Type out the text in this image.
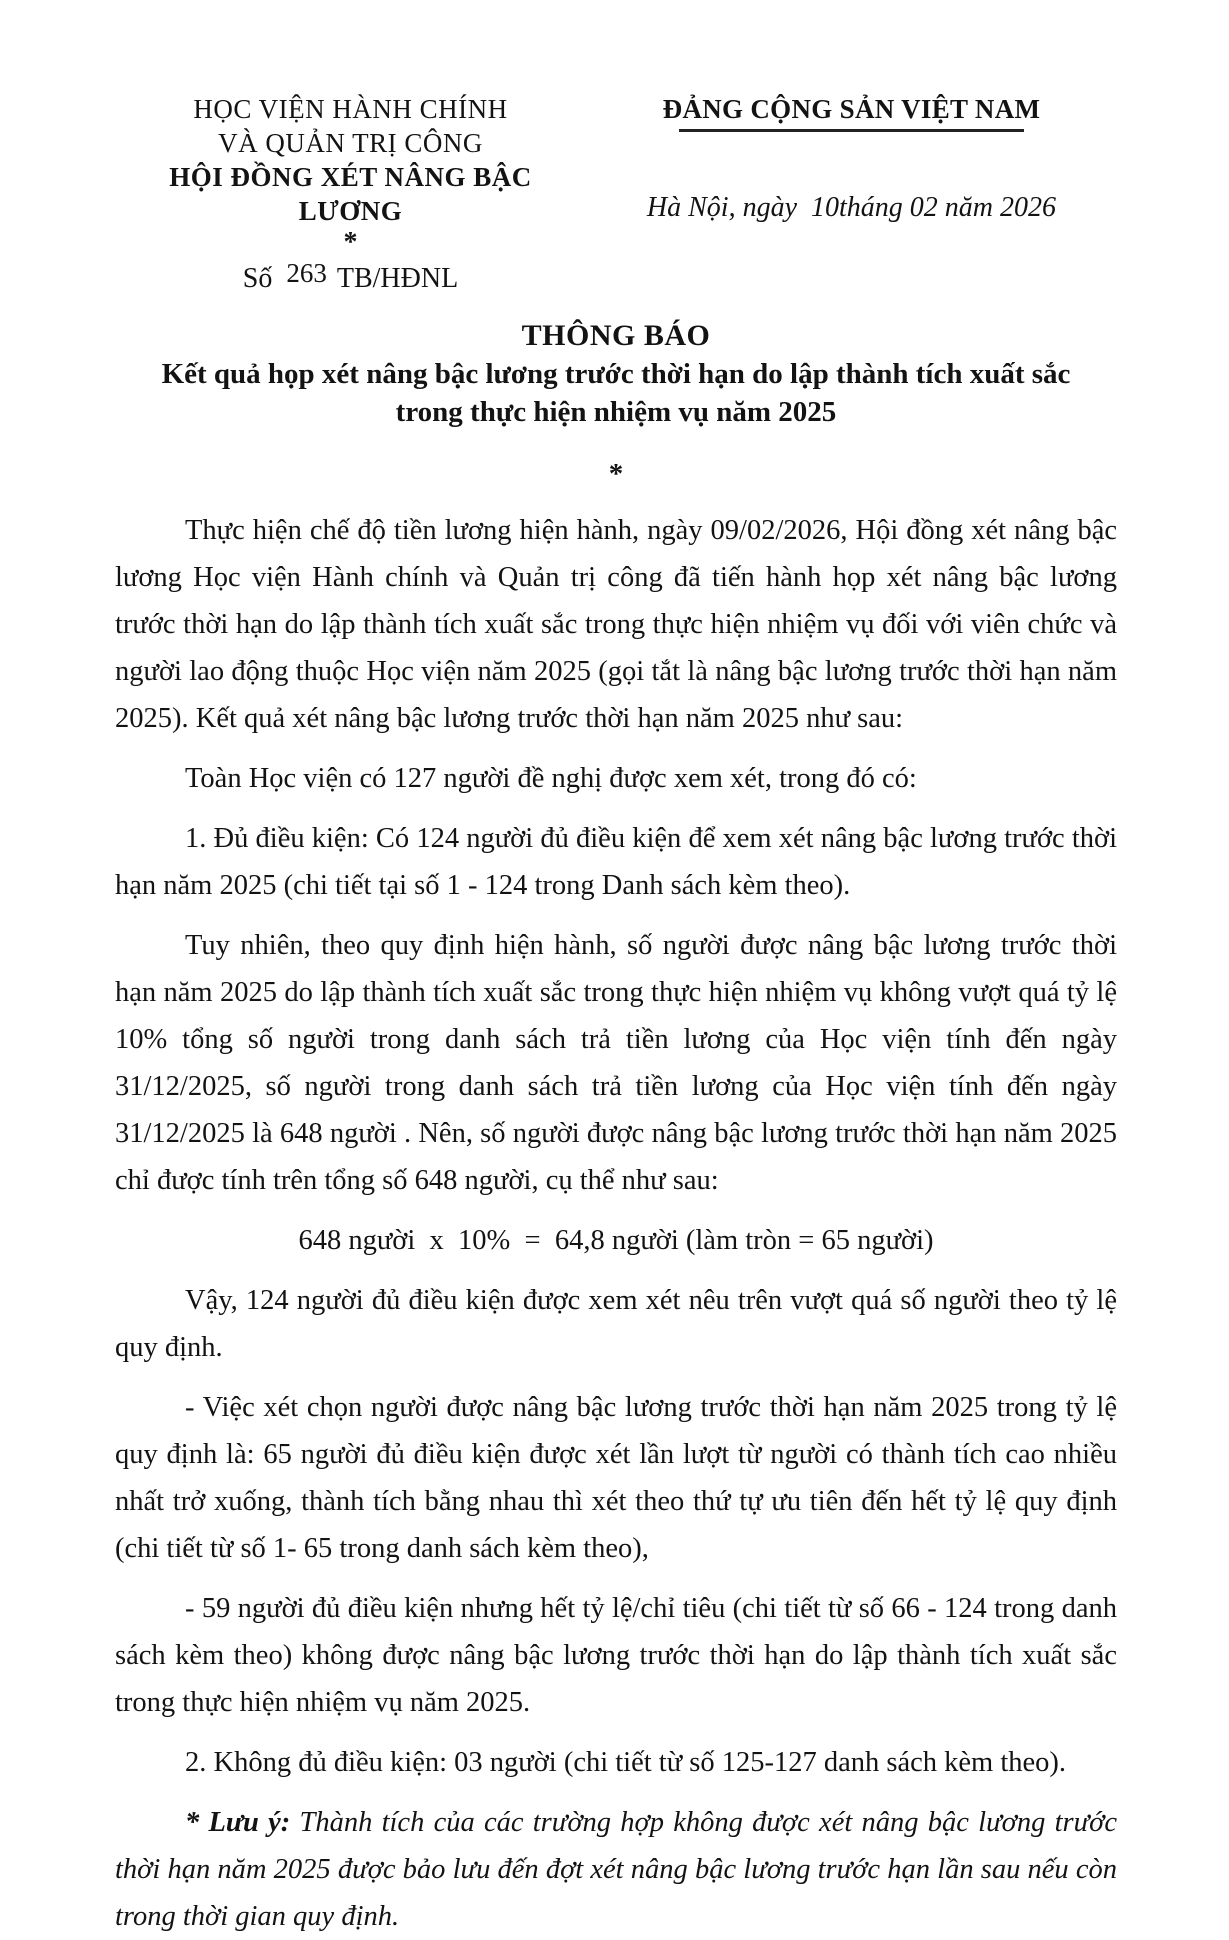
HỌC VIỆN HÀNH CHÍNH
VÀ QUẢN TRỊ CÔNG
HỘI ĐỒNG XÉT NÂNG BẬC LƯƠNG
*
Số 263 TB/HĐNL
ĐẢNG CỘNG SẢN VIỆT NAM
Hà Nội, ngày  10tháng 02 năm 2026
THÔNG BÁO
Kết quả họp xét nâng bậc lương trước thời hạn do lập thành tích xuất sắc
trong thực hiện nhiệm vụ năm 2025
*

Thực hiện chế độ tiền lương hiện hành, ngày 09/02/2026, Hội đồng xét nâng bậc lương Học viện Hành chính và Quản trị công đã tiến hành họp xét nâng bậc lương trước thời hạn do lập thành tích xuất sắc trong thực hiện nhiệm vụ đối với viên chức và người lao động thuộc Học viện năm 2025 (gọi tắt là nâng bậc lương trước thời hạn năm 2025). Kết quả xét nâng bậc lương trước thời hạn năm 2025 như sau:

Toàn Học viện có 127 người đề nghị được xem xét, trong đó có:

1. Đủ điều kiện: Có 124 người đủ điều kiện để xem xét nâng bậc lương trước thời hạn năm 2025 (chi tiết tại số 1 - 124 trong Danh sách kèm theo).

Tuy nhiên, theo quy định hiện hành, số người được nâng bậc lương trước thời hạn năm 2025 do lập thành tích xuất sắc trong thực hiện nhiệm vụ không vượt quá tỷ lệ 10% tổng số người trong danh sách trả tiền lương của Học viện tính đến ngày 31/12/2025, số người trong danh sách trả tiền lương của Học viện tính đến ngày 31/12/2025 là 648 người . Nên, số người được nâng bậc lương trước thời hạn năm 2025 chỉ được tính trên tổng số 648 người, cụ thể như sau:

648 người  x  10%  =  64,8 người (làm tròn = 65 người)

Vậy, 124 người đủ điều kiện được xem xét nêu trên vượt quá số người theo tỷ lệ quy định.

- Việc xét chọn người được nâng bậc lương trước thời hạn năm 2025 trong tỷ lệ quy định là: 65 người đủ điều kiện được xét lần lượt từ người có thành tích cao nhiều nhất trở xuống, thành tích bằng nhau thì xét theo thứ tự ưu tiên đến hết tỷ lệ quy định (chi tiết từ số 1- 65 trong danh sách kèm theo),

- 59 người đủ điều kiện nhưng hết tỷ lệ/chỉ tiêu (chi tiết từ số 66 - 124 trong danh sách kèm theo) không được nâng bậc lương trước thời hạn do lập thành tích xuất sắc trong thực hiện nhiệm vụ năm 2025.

2. Không đủ điều kiện: 03 người (chi tiết từ số 125-127 danh sách kèm theo).

* Lưu ý: Thành tích của các trường hợp không được xét nâng bậc lương trước thời hạn năm 2025 được bảo lưu đến đợt xét nâng bậc lương trước hạn lần sau nếu còn trong thời gian quy định.
